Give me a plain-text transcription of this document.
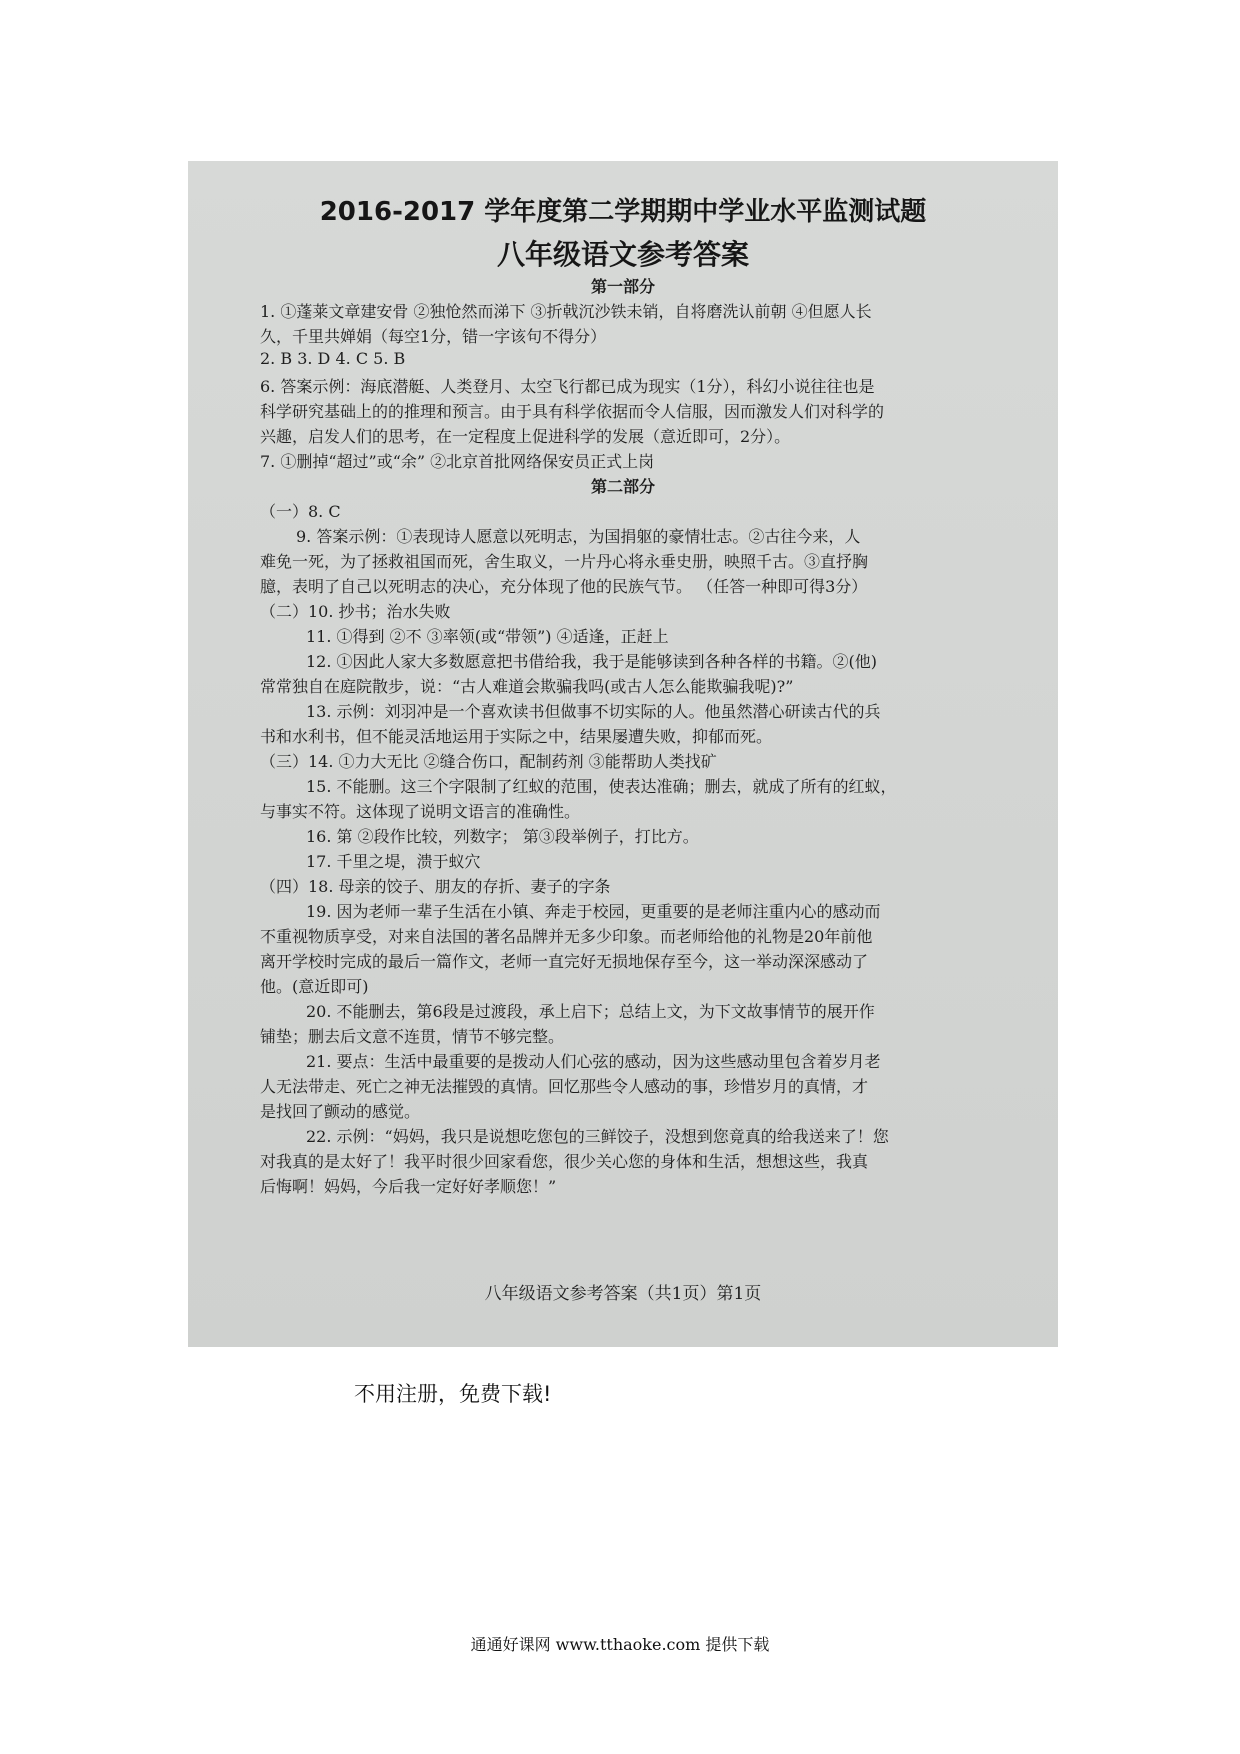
2016-2017 学年度第二学期期中学业水平监测试题
八年级语文参考答案
第一部分
1. ①蓬莱文章建安骨 ②独怆然而涕下 ③折戟沉沙铁未销，自将磨洗认前朝 ④但愿人长
久，千里共婵娟（每空1分，错一字该句不得分）
2. B 3. D 4. C 5. B
6. 答案示例：海底潜艇、人类登月、太空飞行都已成为现实（1分），科幻小说往往也是
科学研究基础上的的推理和预言。由于具有科学依据而令人信服，因而激发人们对科学的
兴趣，启发人们的思考，在一定程度上促进科学的发展（意近即可，2分）。
7. ①删掉“超过”或“余” ②北京首批网络保安员正式上岗
第二部分
（一）8. C
9. 答案示例：①表现诗人愿意以死明志，为国捐躯的豪情壮志。②古往今来，人
难免一死，为了拯救祖国而死，舍生取义，一片丹心将永垂史册，映照千古。③直抒胸
臆，表明了自己以死明志的决心，充分体现了他的民族气节。 （任答一种即可得3分）
（二）10. 抄书；治水失败
11. ①得到 ②不 ③率领(或“带领”) ④适逢，正赶上
12. ①因此人家大多数愿意把书借给我，我于是能够读到各种各样的书籍。②(他)
常常独自在庭院散步，说：“古人难道会欺骗我吗(或古人怎么能欺骗我呢)?”
13. 示例：刘羽冲是一个喜欢读书但做事不切实际的人。他虽然潜心研读古代的兵
书和水利书，但不能灵活地运用于实际之中，结果屡遭失败，抑郁而死。
（三）14. ①力大无比 ②缝合伤口，配制药剂 ③能帮助人类找矿
15. 不能删。这三个字限制了红蚁的范围，使表达准确；删去，就成了所有的红蚁，
与事实不符。这体现了说明文语言的准确性。
16. 第 ②段作比较，列数字； 第③段举例子，打比方。
17. 千里之堤，溃于蚁穴
（四）18. 母亲的饺子、朋友的存折、妻子的字条
19. 因为老师一辈子生活在小镇、奔走于校园，更重要的是老师注重内心的感动而
不重视物质享受，对来自法国的著名品牌并无多少印象。而老师给他的礼物是20年前他
离开学校时完成的最后一篇作文，老师一直完好无损地保存至今，这一举动深深感动了
他。(意近即可)
20. 不能删去，第6段是过渡段，承上启下；总结上文，为下文故事情节的展开作
铺垫；删去后文意不连贯，情节不够完整。
21. 要点：生活中最重要的是拨动人们心弦的感动，因为这些感动里包含着岁月老
人无法带走、死亡之神无法摧毁的真情。回忆那些令人感动的事，珍惜岁月的真情，才
是找回了颤动的感觉。
22. 示例：“妈妈，我只是说想吃您包的三鲜饺子，没想到您竟真的给我送来了！您
对我真的是太好了！我平时很少回家看您，很少关心您的身体和生活，想想这些，我真
后悔啊！妈妈，今后我一定好好孝顺您！”
八年级语文参考答案（共1页）第1页
不用注册，免费下载!
通通好课网 www.tthaoke.com 提供下载
